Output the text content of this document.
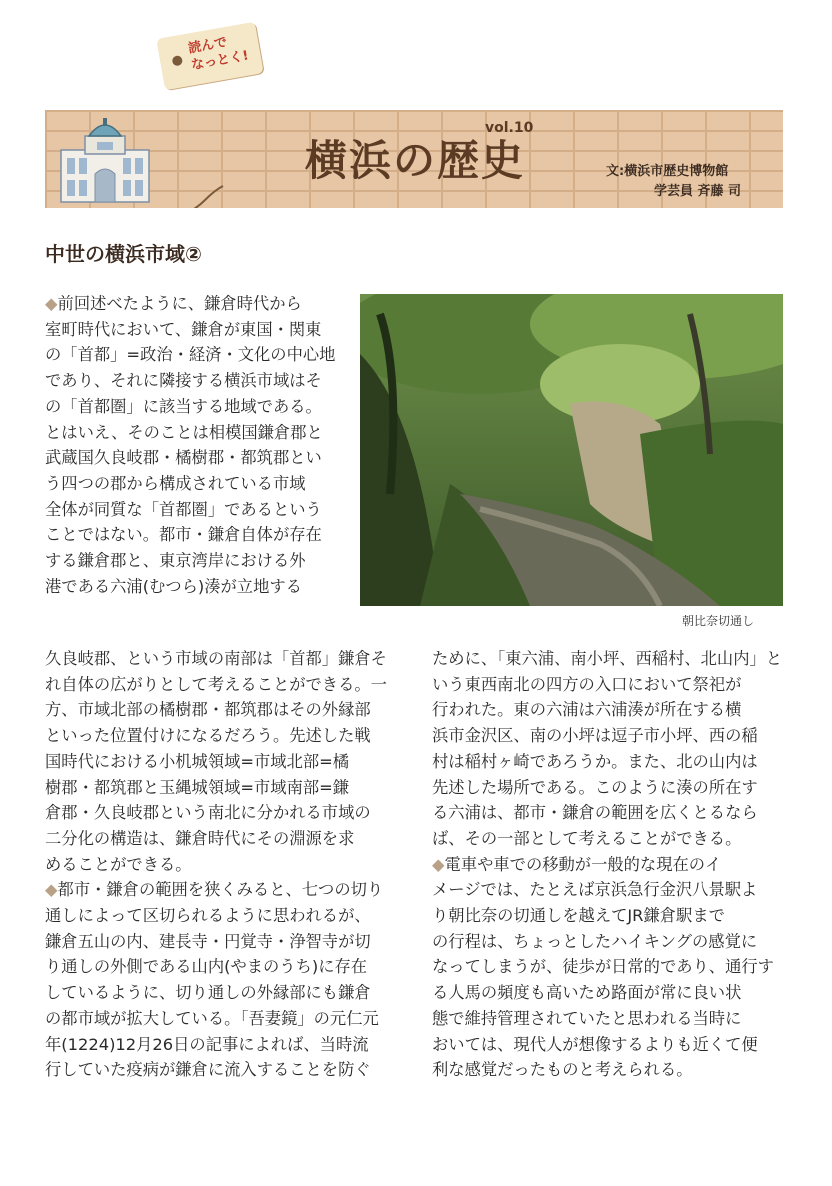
読んで
なっとく!
横浜の歴史
vol.10
文:横浜市歴史博物館
学芸員 斉藤 司
中世の横浜市域②
朝比奈切通し
◆前回述べたように、鎌倉時代から
室町時代において、鎌倉が東国・関東
の「首都」=政治・経済・文化の中心地
であり、それに隣接する横浜市域はそ
の「首都圏」に該当する地域である。
とはいえ、そのことは相模国鎌倉郡と
武蔵国久良岐郡・橘樹郡・都筑郡とい
う四つの郡から構成されている市域
全体が同質な「首都圏」であるという
ことではない。都市・鎌倉自体が存在
する鎌倉郡と、東京湾岸における外
港である六浦(むつら)湊が立地する
久良岐郡、という市域の南部は「首都」鎌倉そ
れ自体の広がりとして考えることができる。一
方、市域北部の橘樹郡・都筑郡はその外縁部
といった位置付けになるだろう。先述した戦
国時代における小机城領域=市域北部=橘
樹郡・都筑郡と玉縄城領域=市域南部=鎌
倉郡・久良岐郡という南北に分かれる市域の
二分化の構造は、鎌倉時代にその淵源を求
めることができる。
◆都市・鎌倉の範囲を狭くみると、七つの切り
通しによって区切られるように思われるが、
鎌倉五山の内、建長寺・円覚寺・浄智寺が切
り通しの外側である山内(やまのうち)に存在
しているように、切り通しの外縁部にも鎌倉
の都市域が拡大している。「吾妻鏡」の元仁元
年(1224)12月26日の記事によれば、当時流
行していた疫病が鎌倉に流入することを防ぐ
ために、「東六浦、南小坪、西稲村、北山内」と
いう東西南北の四方の入口において祭祀が
行われた。東の六浦は六浦湊が所在する横
浜市金沢区、南の小坪は逗子市小坪、西の稲
村は稲村ヶ崎であろうか。また、北の山内は
先述した場所である。このように湊の所在す
る六浦は、都市・鎌倉の範囲を広くとるなら
ば、その一部として考えることができる。
◆電車や車での移動が一般的な現在のイ
メージでは、たとえば京浜急行金沢八景駅よ
り朝比奈の切通しを越えてJR鎌倉駅まで
の行程は、ちょっとしたハイキングの感覚に
なってしまうが、徒歩が日常的であり、通行す
る人馬の頻度も高いため路面が常に良い状
態で維持管理されていたと思われる当時に
おいては、現代人が想像するよりも近くて便
利な感覚だったものと考えられる。
